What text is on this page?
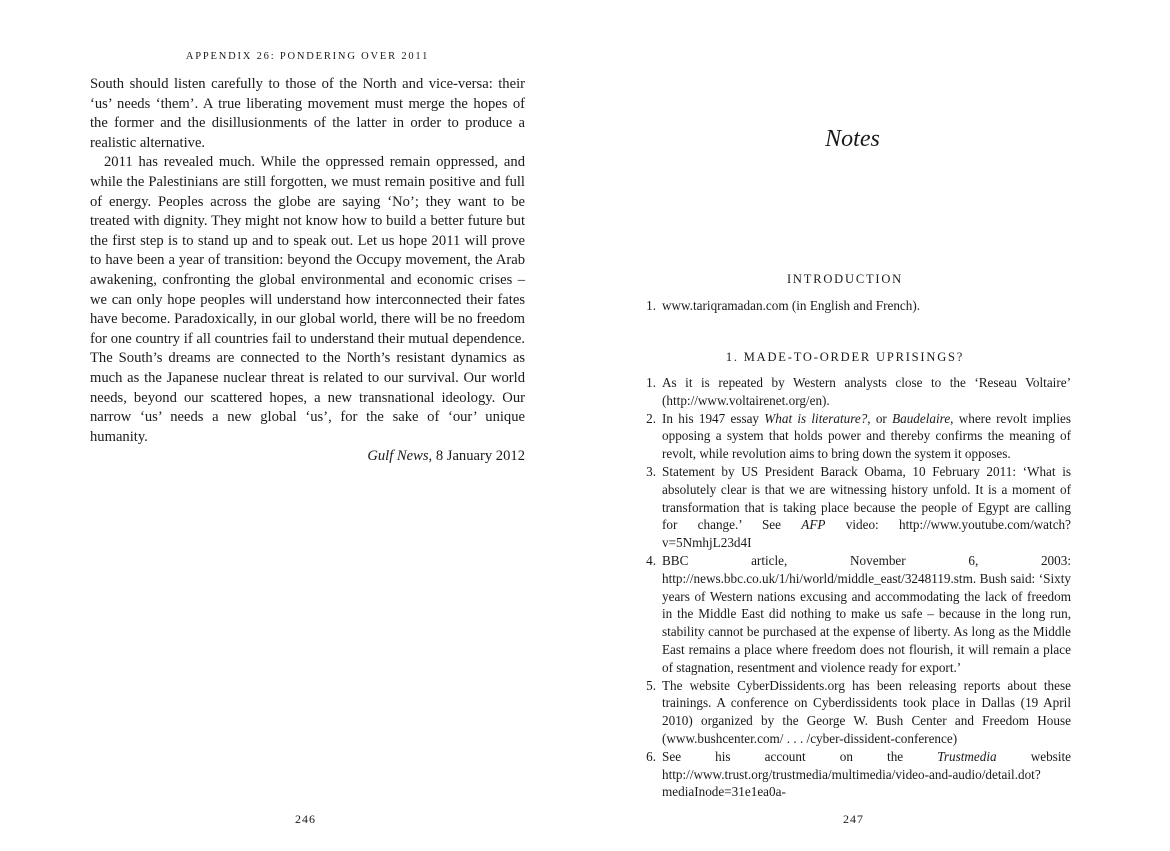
APPENDIX 26: PONDERING OVER 2011

South should listen carefully to those of the North and vice-versa: their ‘us’ needs ‘them’. A true liberating movement must merge the hopes of the former and the disillusionments of the latter in order to produce a realistic alternative.

2011 has revealed much. While the oppressed remain oppressed, and while the Palestinians are still forgotten, we must remain positive and full of energy. Peoples across the globe are saying ‘No’; they want to be treated with dignity. They might not know how to build a better future but the first step is to stand up and to speak out. Let us hope 2011 will prove to have been a year of transition: beyond the Occupy movement, the Arab awakening, confronting the global environmental and economic crises – we can only hope peoples will understand how interconnected their fates have become. Paradoxically, in our global world, there will be no freedom for one country if all countries fail to understand their mutual dependence. The South’s dreams are connected to the North’s resistant dynamics as much as the Japanese nuclear threat is related to our survival. Our world needs, beyond our scattered hopes, a new transnational ideology. Our narrow ‘us’ needs a new global ‘us’, for the sake of ‘our’ unique humanity.

Gulf News, 8 January 2012
246
Notes
INTRODUCTION
1. www.tariqramadan.com (in English and French).
1. MADE-TO-ORDER UPRISINGS?
1. As it is repeated by Western analysts close to the ‘Reseau Voltaire’ (http://www.voltairenet.org/en).
2. In his 1947 essay What is literature?, or Baudelaire, where revolt implies opposing a system that holds power and thereby confirms the meaning of revolt, while revolution aims to bring down the system it opposes.
3. Statement by US President Barack Obama, 10 February 2011: ‘What is absolutely clear is that we are witnessing history unfold. It is a moment of transformation that is taking place because the people of Egypt are calling for change.’ See AFP video: http://www.youtube.com/watch?v=5NmhjL23d4I
4. BBC article, November 6, 2003: http://news.bbc.co.uk/1/hi/world/middle_east/3248119.stm. Bush said: ‘Sixty years of Western nations excusing and accommodating the lack of freedom in the Middle East did nothing to make us safe – because in the long run, stability cannot be purchased at the expense of liberty. As long as the Middle East remains a place where freedom does not flourish, it will remain a place of stagnation, resentment and violence ready for export.’
5. The website CyberDissidents.org has been releasing reports about these trainings. A conference on Cyberdissidents took place in Dallas (19 April 2010) organized by the George W. Bush Center and Freedom House (www.bushcenter.com/ . . . /cyber-dissident-conference)
6. See his account on the Trustmedia website http://www.trust.org/trustmedia/multimedia/video-and-audio/detail.dot?mediaInode=31e1ea0a-
247
